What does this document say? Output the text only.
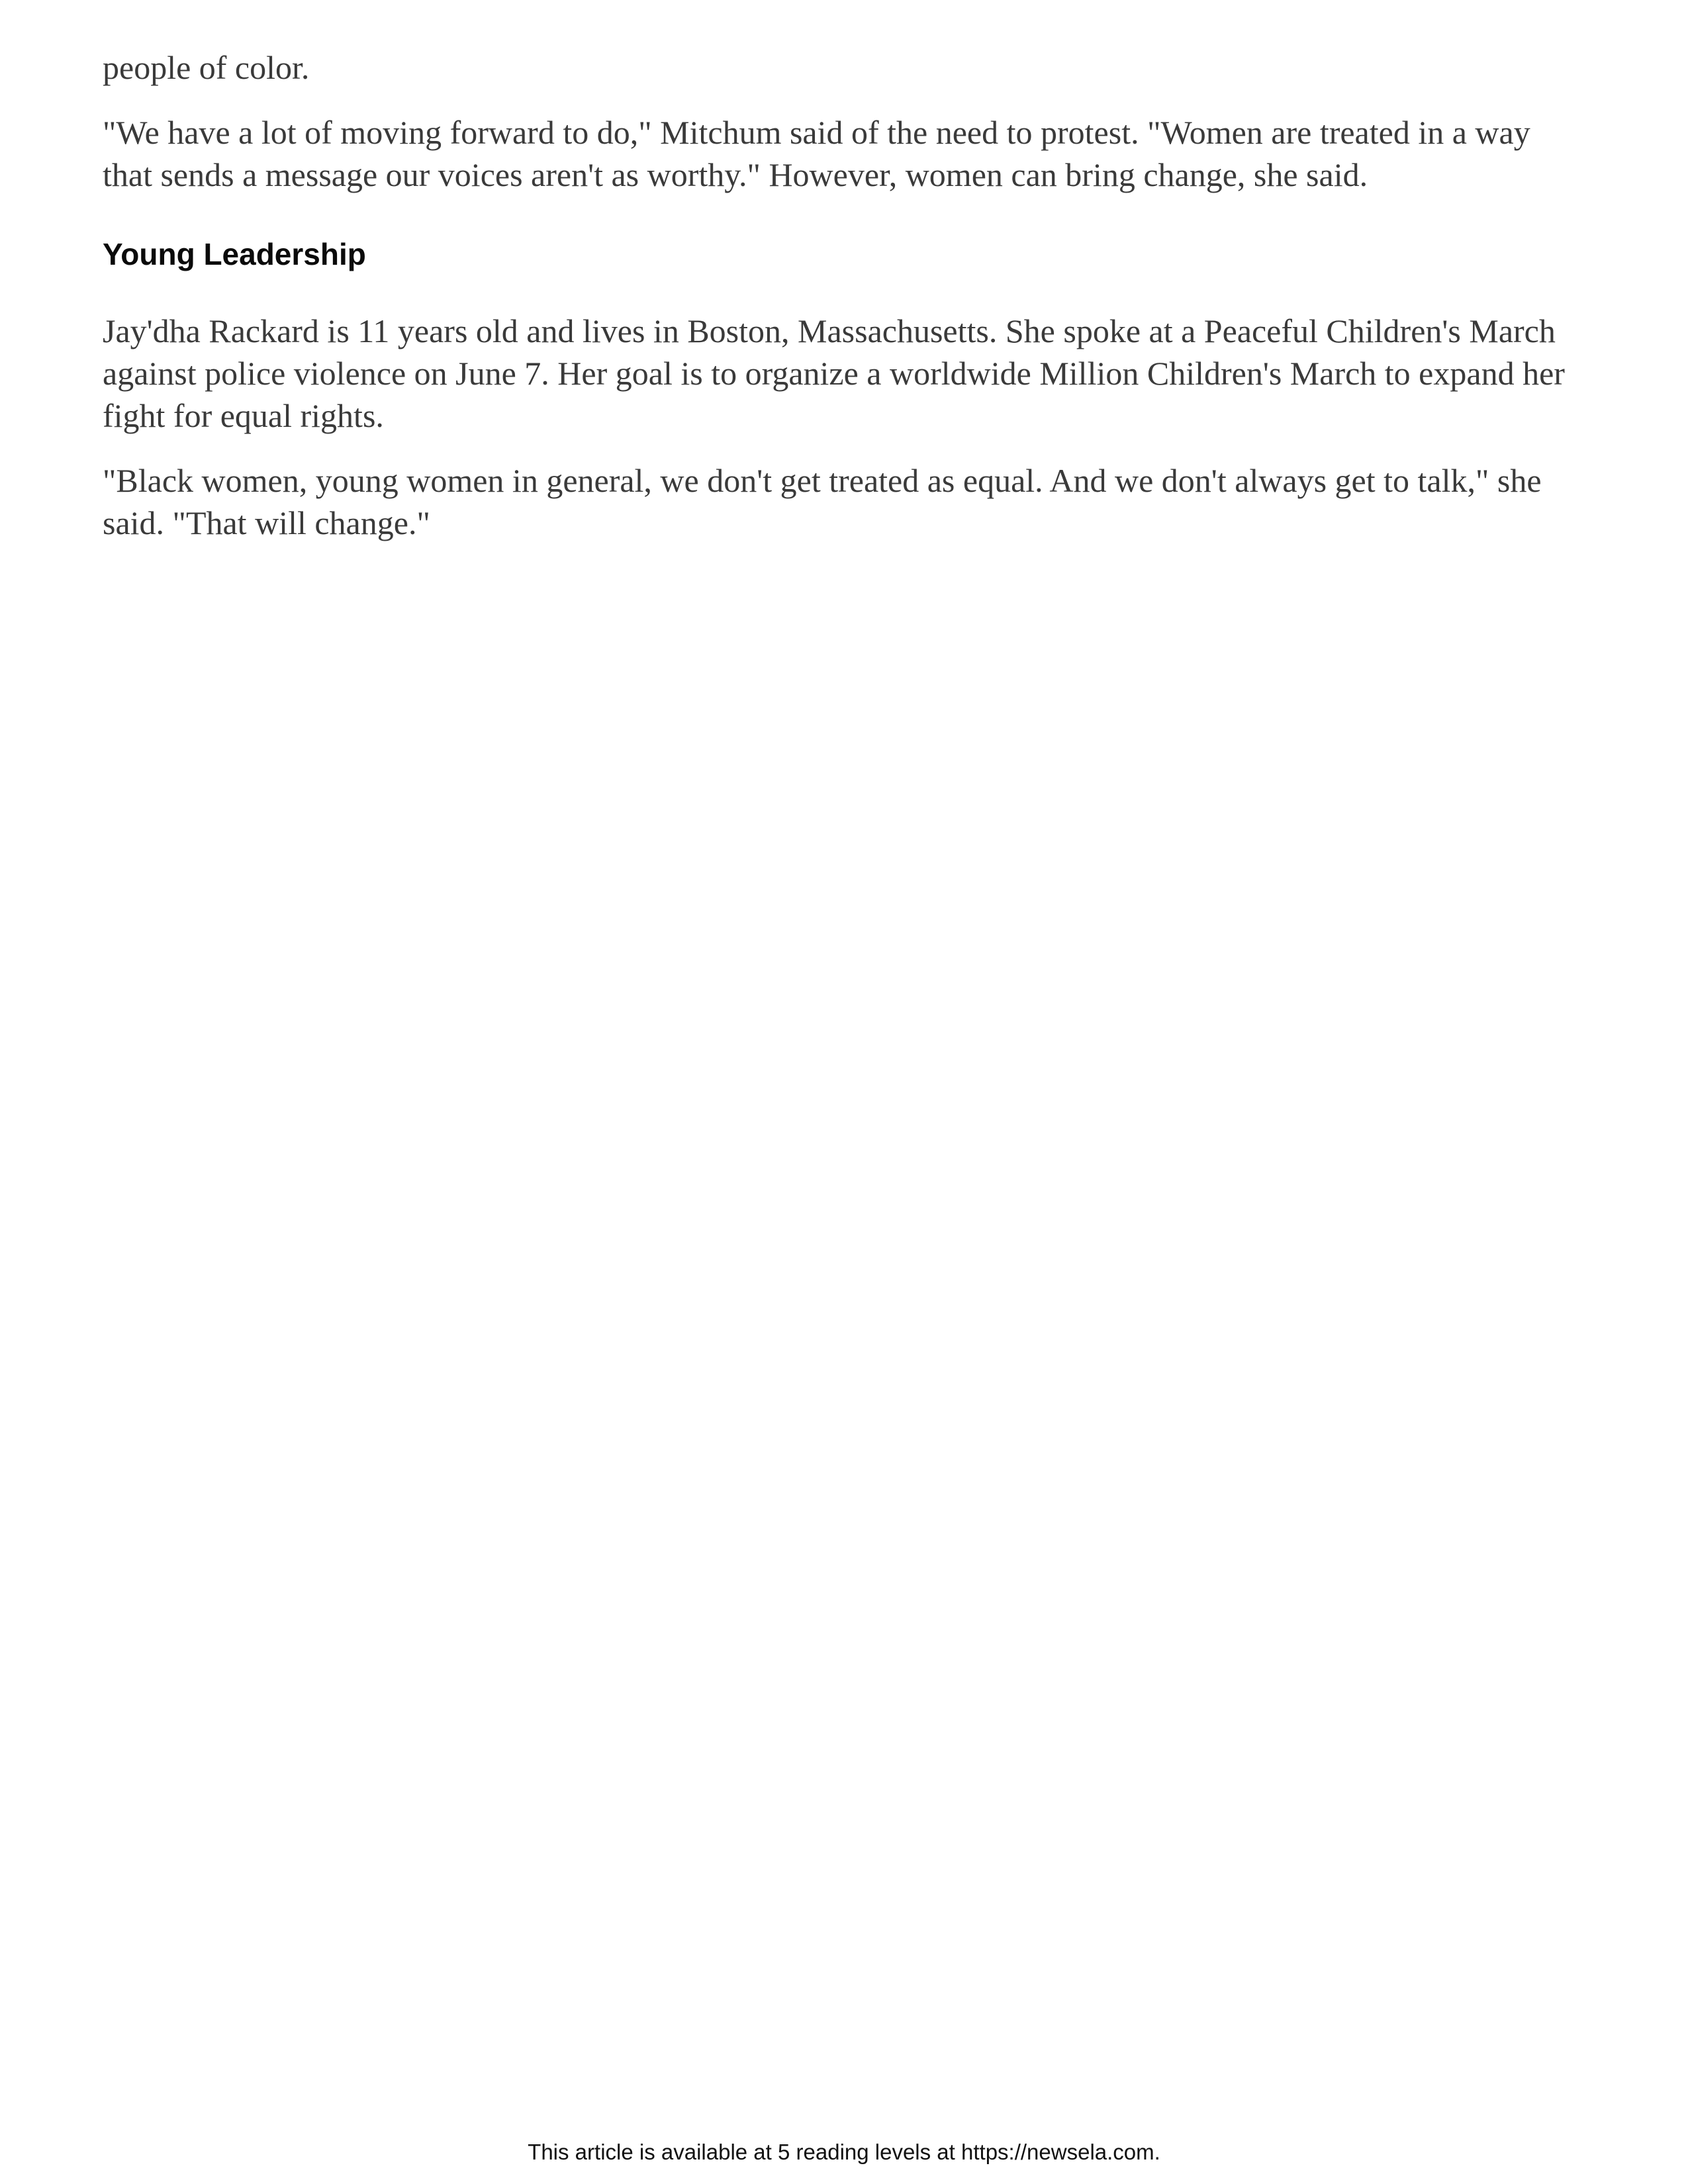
people of color.

"We have a lot of moving forward to do," Mitchum said of the need to protest. "Women are treated in a way that sends a message our voices aren't as worthy." However, women can bring change, she said.

Young Leadership

Jay'dha Rackard is 11 years old and lives in Boston, Massachusetts. She spoke at a Peaceful Children's March against police violence on June 7. Her goal is to organize a worldwide Million Children's March to expand her fight for equal rights.

"Black women, young women in general, we don't get treated as equal. And we don't always get to talk," she said. "That will change."

This article is available at 5 reading levels at https://newsela.com.
